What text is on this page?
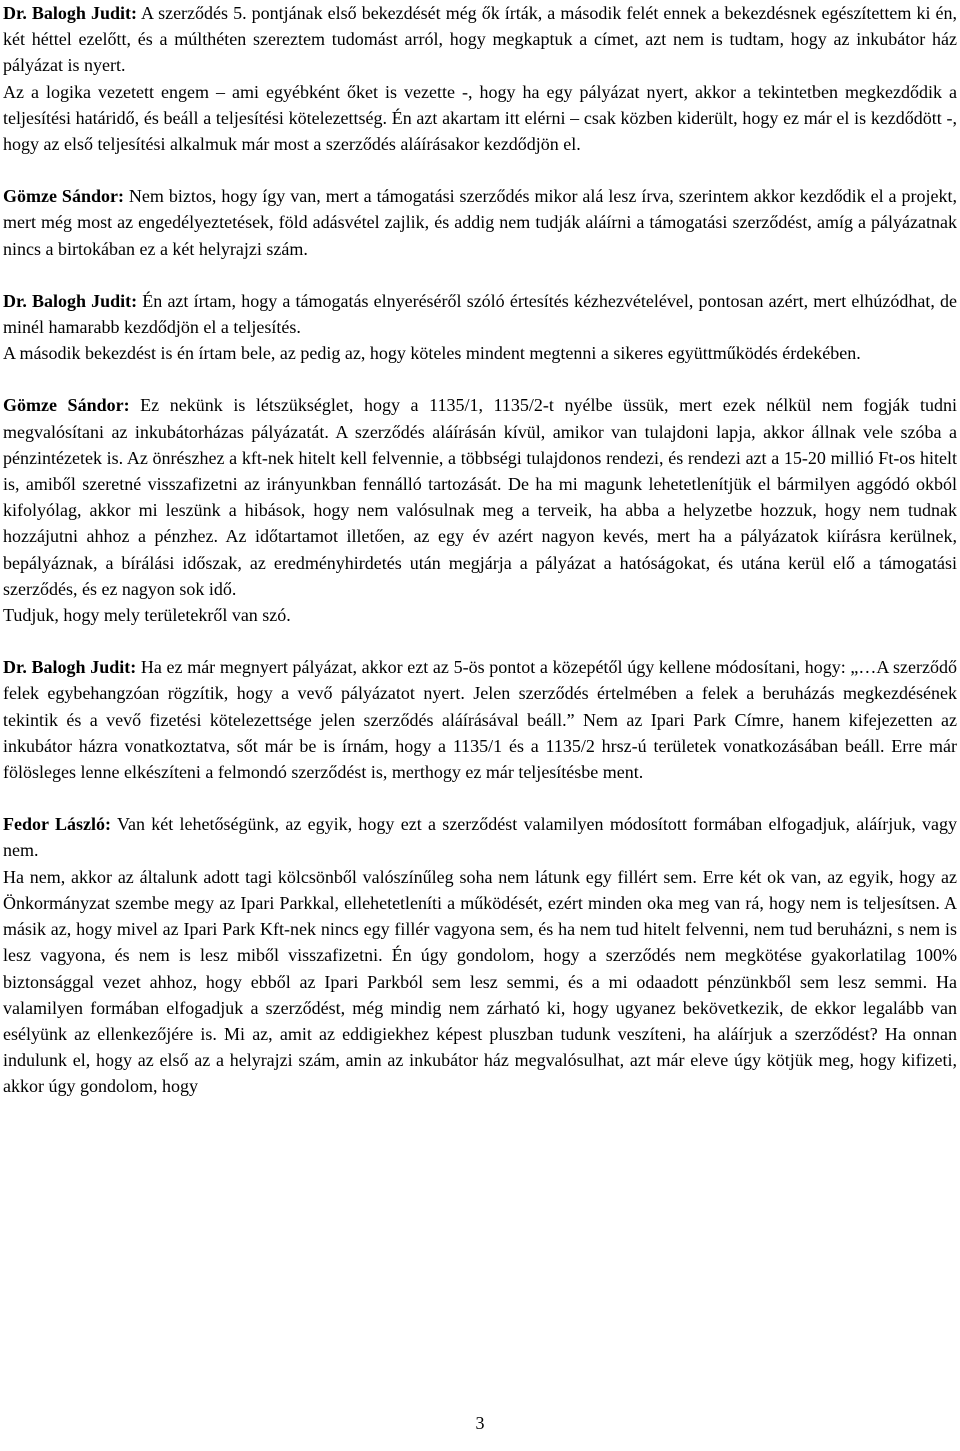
Dr. Balogh Judit: A szerződés 5. pontjának első bekezdését még ők írták, a második felét ennek a bekezdésnek egészítettem ki én, két héttel ezelőtt, és a múlthéten szereztem tudomást arról, hogy megkaptuk a címet, azt nem is tudtam, hogy az inkubátor ház pályázat is nyert.

Az a logika vezetett engem – ami egyébként őket is vezette -, hogy ha egy pályázat nyert, akkor a tekintetben megkezdődik a teljesítési határidő, és beáll a teljesítési kötelezettség. Én azt akartam itt elérni – csak közben kiderült, hogy ez már el is kezdődött -, hogy az első teljesítési alkalmuk már most a szerződés aláírásakor kezdődjön el.

Gömze Sándor: Nem biztos, hogy így van, mert a támogatási szerződés mikor alá lesz írva, szerintem akkor kezdődik el a projekt, mert még most az engedélyeztetések, föld adásvétel zajlik, és addig nem tudják aláírni a támogatási szerződést, amíg a pályázatnak nincs a birtokában ez a két helyrajzi szám.

Dr. Balogh Judit: Én azt írtam, hogy a támogatás elnyeréséről szóló értesítés kézhezvételével, pontosan azért, mert elhúzódhat, de minél hamarabb kezdődjön el a teljesítés.

A második bekezdést is én írtam bele, az pedig az, hogy köteles mindent megtenni a sikeres együttműködés érdekében.

Gömze Sándor: Ez nekünk is létszükséglet, hogy a 1135/1, 1135/2-t nyélbe üssük, mert ezek nélkül nem fogják tudni megvalósítani az inkubátorházas pályázatát. A szerződés aláírásán kívül, amikor van tulajdoni lapja, akkor állnak vele szóba a pénzintézetek is. Az önrészhez a kft-nek hitelt kell felvennie, a többségi tulajdonos rendezi, és rendezi azt a 15-20 millió Ft-os hitelt is, amiből szeretné visszafizetni az irányunkban fennálló tartozását. De ha mi magunk lehetetlenítjük el bármilyen aggódó okból kifolyólag, akkor mi leszünk a hibások, hogy nem valósulnak meg a terveik, ha abba a helyzetbe hozzuk, hogy nem tudnak hozzájutni ahhoz a pénzhez. Az időtartamot illetően, az egy év azért nagyon kevés, mert ha a pályázatok kiírásra kerülnek, bepályáznak, a bírálási időszak, az eredményhirdetés után megjárja a pályázat a hatóságokat, és utána kerül elő a támogatási szerződés, és ez nagyon sok idő.

Tudjuk, hogy mely területekről van szó.

Dr. Balogh Judit: Ha ez már megnyert pályázat, akkor ezt az 5-ös pontot a közepétől úgy kellene módosítani, hogy: „…A szerződő felek egybehangzóan rögzítik, hogy a vevő pályázatot nyert. Jelen szerződés értelmében a felek a beruházás megkezdésének tekintik és a vevő fizetési kötelezettsége jelen szerződés aláírásával beáll.” Nem az Ipari Park Címre, hanem kifejezetten az inkubátor házra vonatkoztatva, sőt már be is írnám, hogy a 1135/1 és a 1135/2 hrsz-ú területek vonatkozásában beáll. Erre már fölösleges lenne elkészíteni a felmondó szerződést is, merthogy ez már teljesítésbe ment.

Fedor László: Van két lehetőségünk, az egyik, hogy ezt a szerződést valamilyen módosított formában elfogadjuk, aláírjuk, vagy nem.

Ha nem, akkor az általunk adott tagi kölcsönből valószínűleg soha nem látunk egy fillért sem. Erre két ok van, az egyik, hogy az Önkormányzat szembe megy az Ipari Parkkal, ellehetetleníti a működését, ezért minden oka meg van rá, hogy nem is teljesítsen. A másik az, hogy mivel az Ipari Park Kft-nek nincs egy fillér vagyona sem, és ha nem tud hitelt felvenni, nem tud beruházni, s nem is lesz vagyona, és nem is lesz miből visszafizetni. Én úgy gondolom, hogy a szerződés nem megkötése gyakorlatilag 100% biztonsággal vezet ahhoz, hogy ebből az Ipari Parkból sem lesz semmi, és a mi odaadott pénzünkből sem lesz semmi. Ha valamilyen formában elfogadjuk a szerződést, még mindig nem zárható ki, hogy ugyanez bekövetkezik, de ekkor legalább van esélyünk az ellenkezőjére is. Mi az, amit az eddigiekhez képest pluszban tudunk veszíteni, ha aláírjuk a szerződést? Ha onnan indulunk el, hogy az első az a helyrajzi szám, amin az inkubátor ház megvalósulhat, azt már eleve úgy kötjük meg, hogy kifizeti, akkor úgy gondolom, hogy

3
